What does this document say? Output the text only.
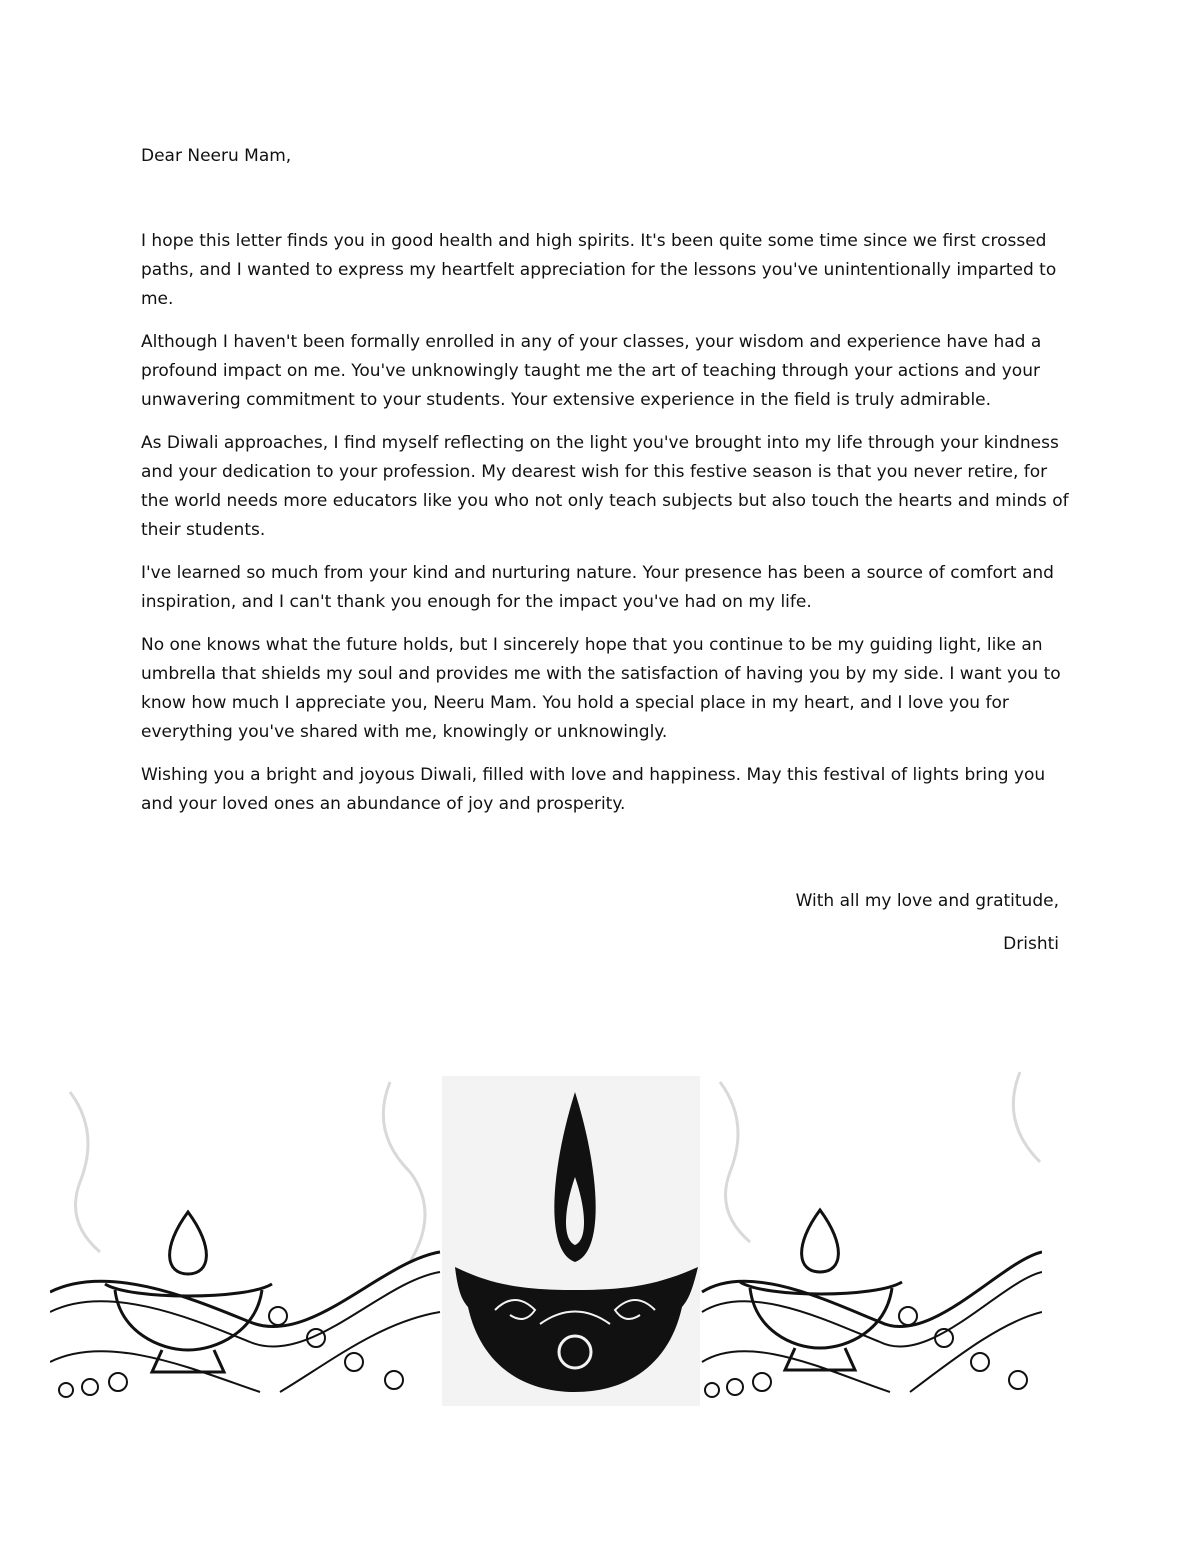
Dear Neeru Mam,

I hope this letter finds you in good health and high spirits. It's been quite some time since we first crossed paths, and I wanted to express my heartfelt appreciation for the lessons you've unintentionally imparted to me.

Although I haven't been formally enrolled in any of your classes, your wisdom and experience have had a profound impact on me. You've unknowingly taught me the art of teaching through your actions and your unwavering commitment to your students. Your extensive experience in the field is truly admirable.

As Diwali approaches, I find myself reflecting on the light you've brought into my life through your kindness and your dedication to your profession. My dearest wish for this festive season is that you never retire, for the world needs more educators like you who not only teach subjects but also touch the hearts and minds of their students.

I've learned so much from your kind and nurturing nature. Your presence has been a source of comfort and inspiration, and I can't thank you enough for the impact you've had on my life.

No one knows what the future holds, but I sincerely hope that you continue to be my guiding light, like an umbrella that shields my soul and provides me with the satisfaction of having you by my side. I want you to know how much I appreciate you, Neeru Mam. You hold a special place in my heart, and I love you for everything you've shared with me, knowingly or unknowingly.

Wishing you a bright and joyous Diwali, filled with love and happiness. May this festival of lights bring you and your loved ones an abundance of joy and prosperity.

With all my love and gratitude,

Drishti
